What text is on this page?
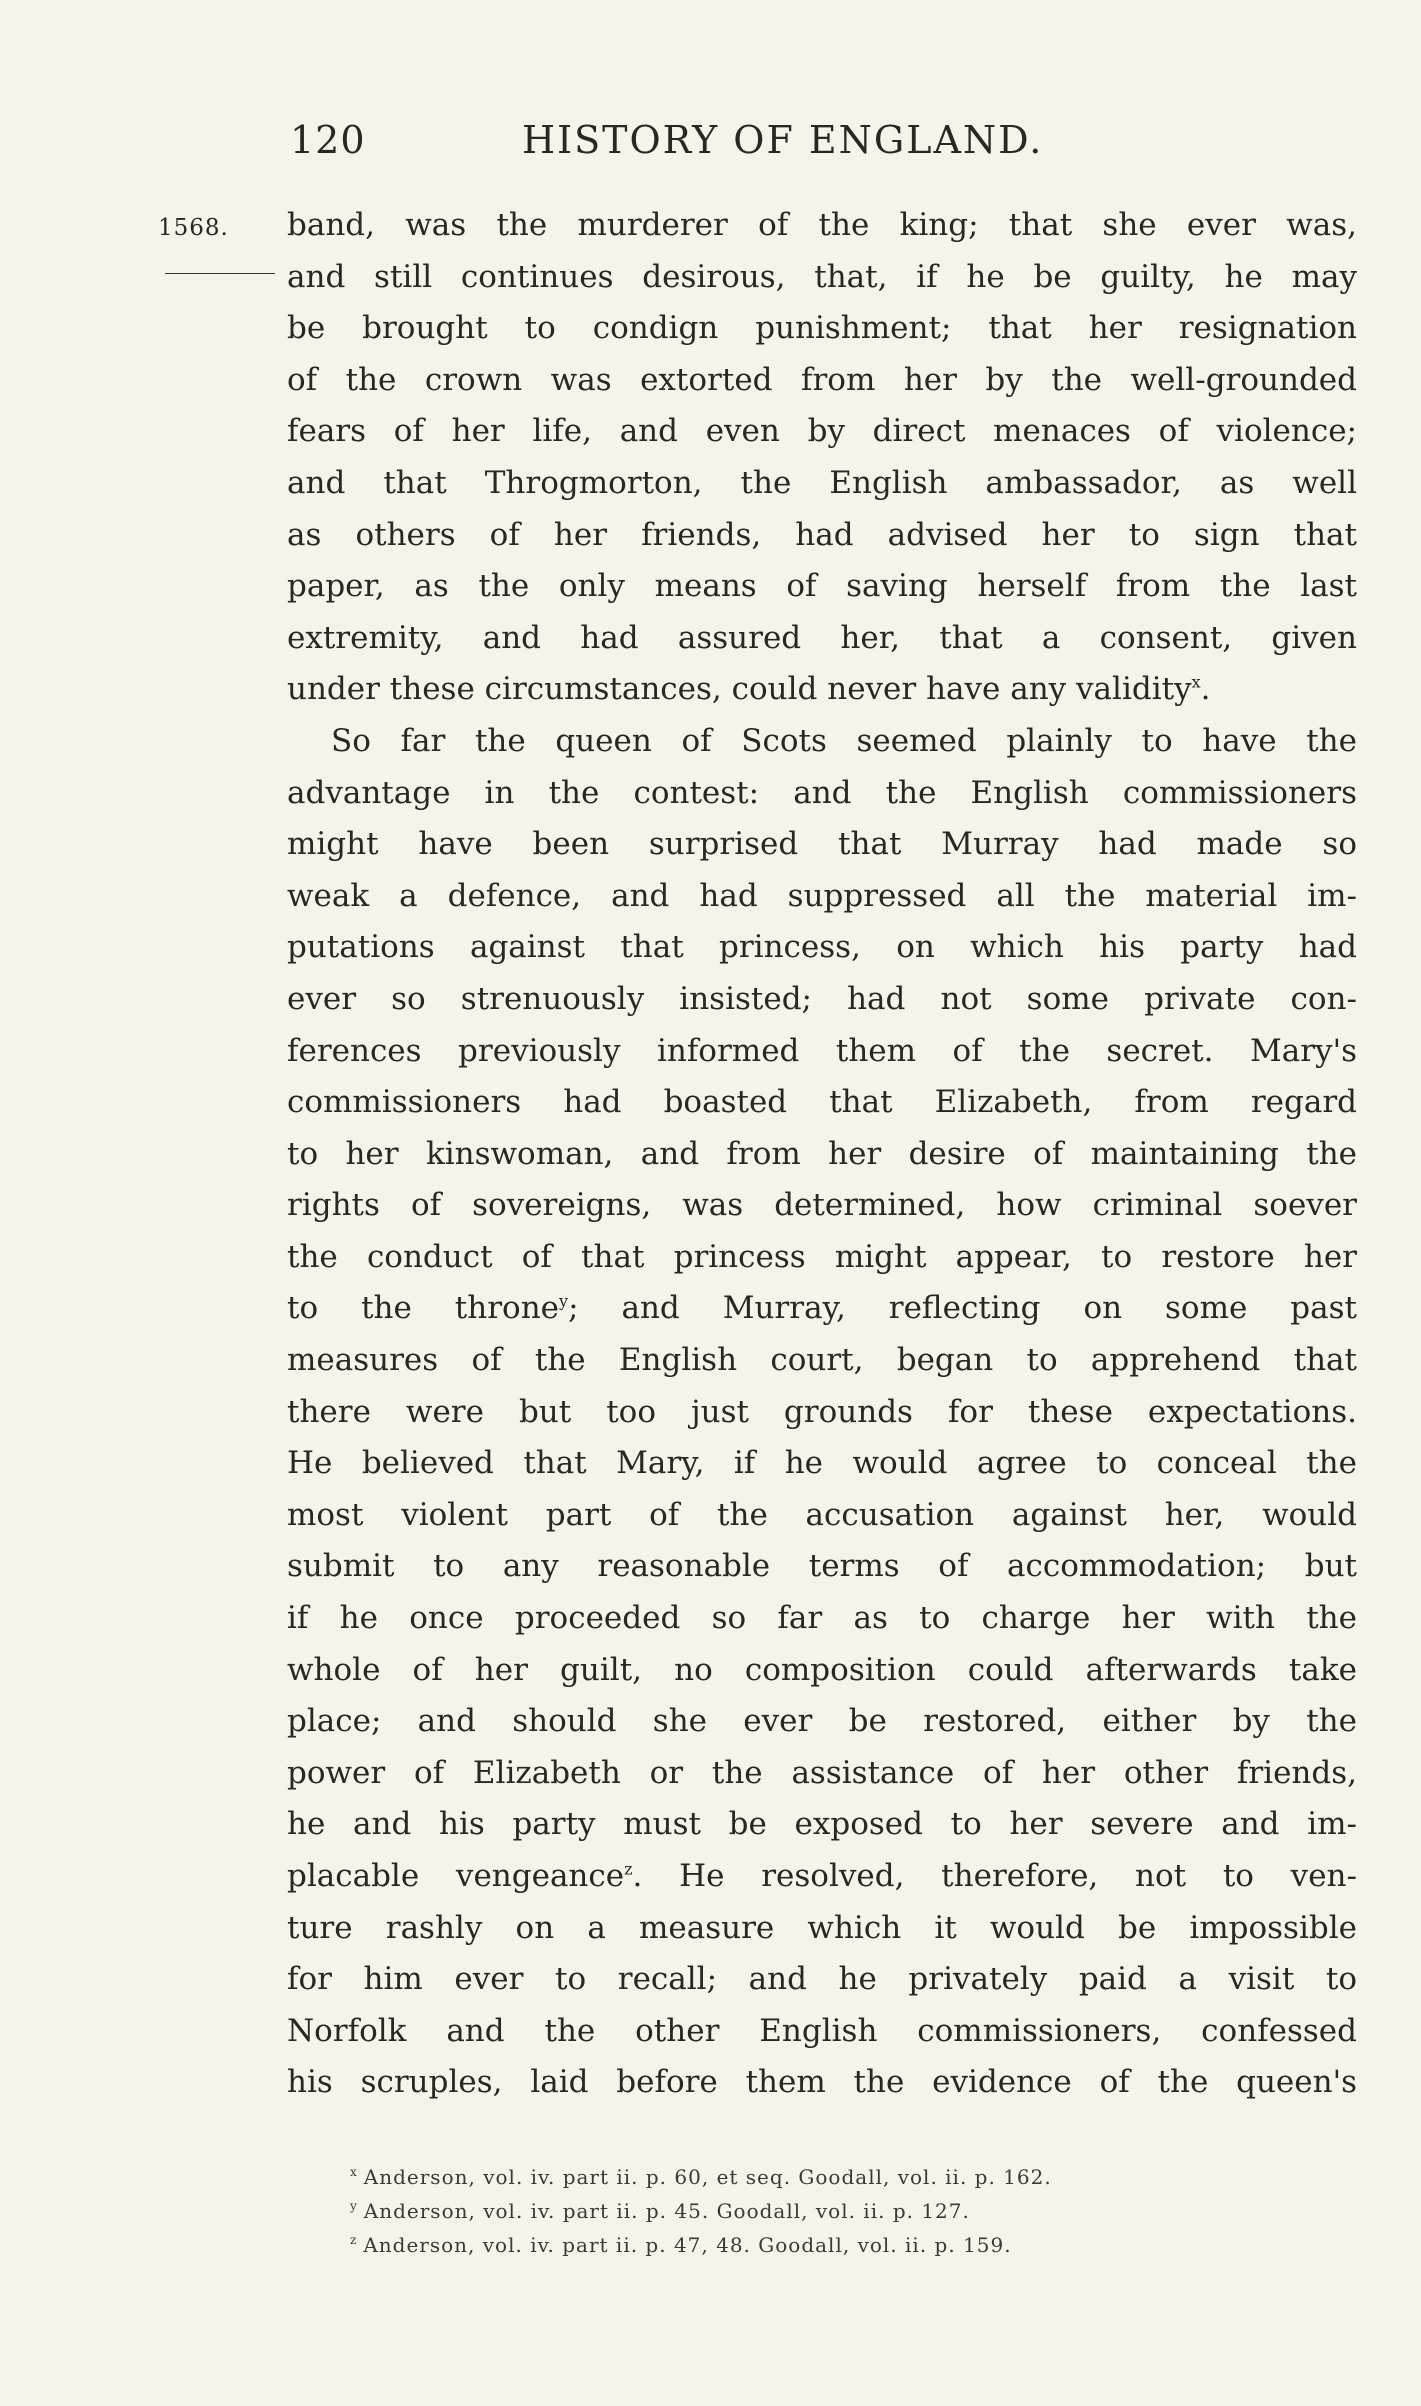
120	HISTORY OF ENGLAND.
1568. band, was the murderer of the king; that she ever was,
and still continues desirous, that, if he be guilty, he may
be brought to condign punishment; that her resignation
of the crown was extorted from her by the well-grounded
fears of her life, and even by direct menaces of violence;
and that Throgmorton, the English ambassador, as well
as others of her friends, had advised her to sign that
paper, as the only means of saving herself from the last
extremity, and had assured her, that a consent, given
under these circumstances, could never have any validity$^x$.
So far the queen of Scots seemed plainly to have the
advantage in the contest: and the English commissioners
might have been surprised that Murray had made so
weak a defence, and had suppressed all the material im-
putations against that princess, on which his party had
ever so strenuously insisted; had not some private con-
ferences previously informed them of the secret. Mary's
commissioners had boasted that Elizabeth, from regard
to her kinswoman, and from her desire of maintaining the
rights of sovereigns, was determined, how criminal soever
the conduct of that princess might appear, to restore her
to the throne$^y$; and Murray, reflecting on some past
measures of the English court, began to apprehend that
there were but too just grounds for these expectations.
He believed that Mary, if he would agree to conceal the
most violent part of the accusation against her, would
submit to any reasonable terms of accommodation; but
if he once proceeded so far as to charge her with the
whole of her guilt, no composition could afterwards take
place; and should she ever be restored, either by the
power of Elizabeth or the assistance of her other friends,
he and his party must be exposed to her severe and im-
placable vengeance$^z$. He resolved, therefore, not to ven-
ture rashly on a measure which it would be impossible
for him ever to recall; and he privately paid a visit to
Norfolk and the other English commissioners, confessed
his scruples, laid before them the evidence of the queen's
$^x$ Anderson, vol. iv. part ii. p. 60, et seq. Goodall, vol. ii. p. 162.
$^y$ Anderson, vol. iv. part ii. p. 45. Goodall, vol. ii. p. 127.
$^z$ Anderson, vol. iv. part ii. p. 47, 48. Goodall, vol. ii. p. 159.
